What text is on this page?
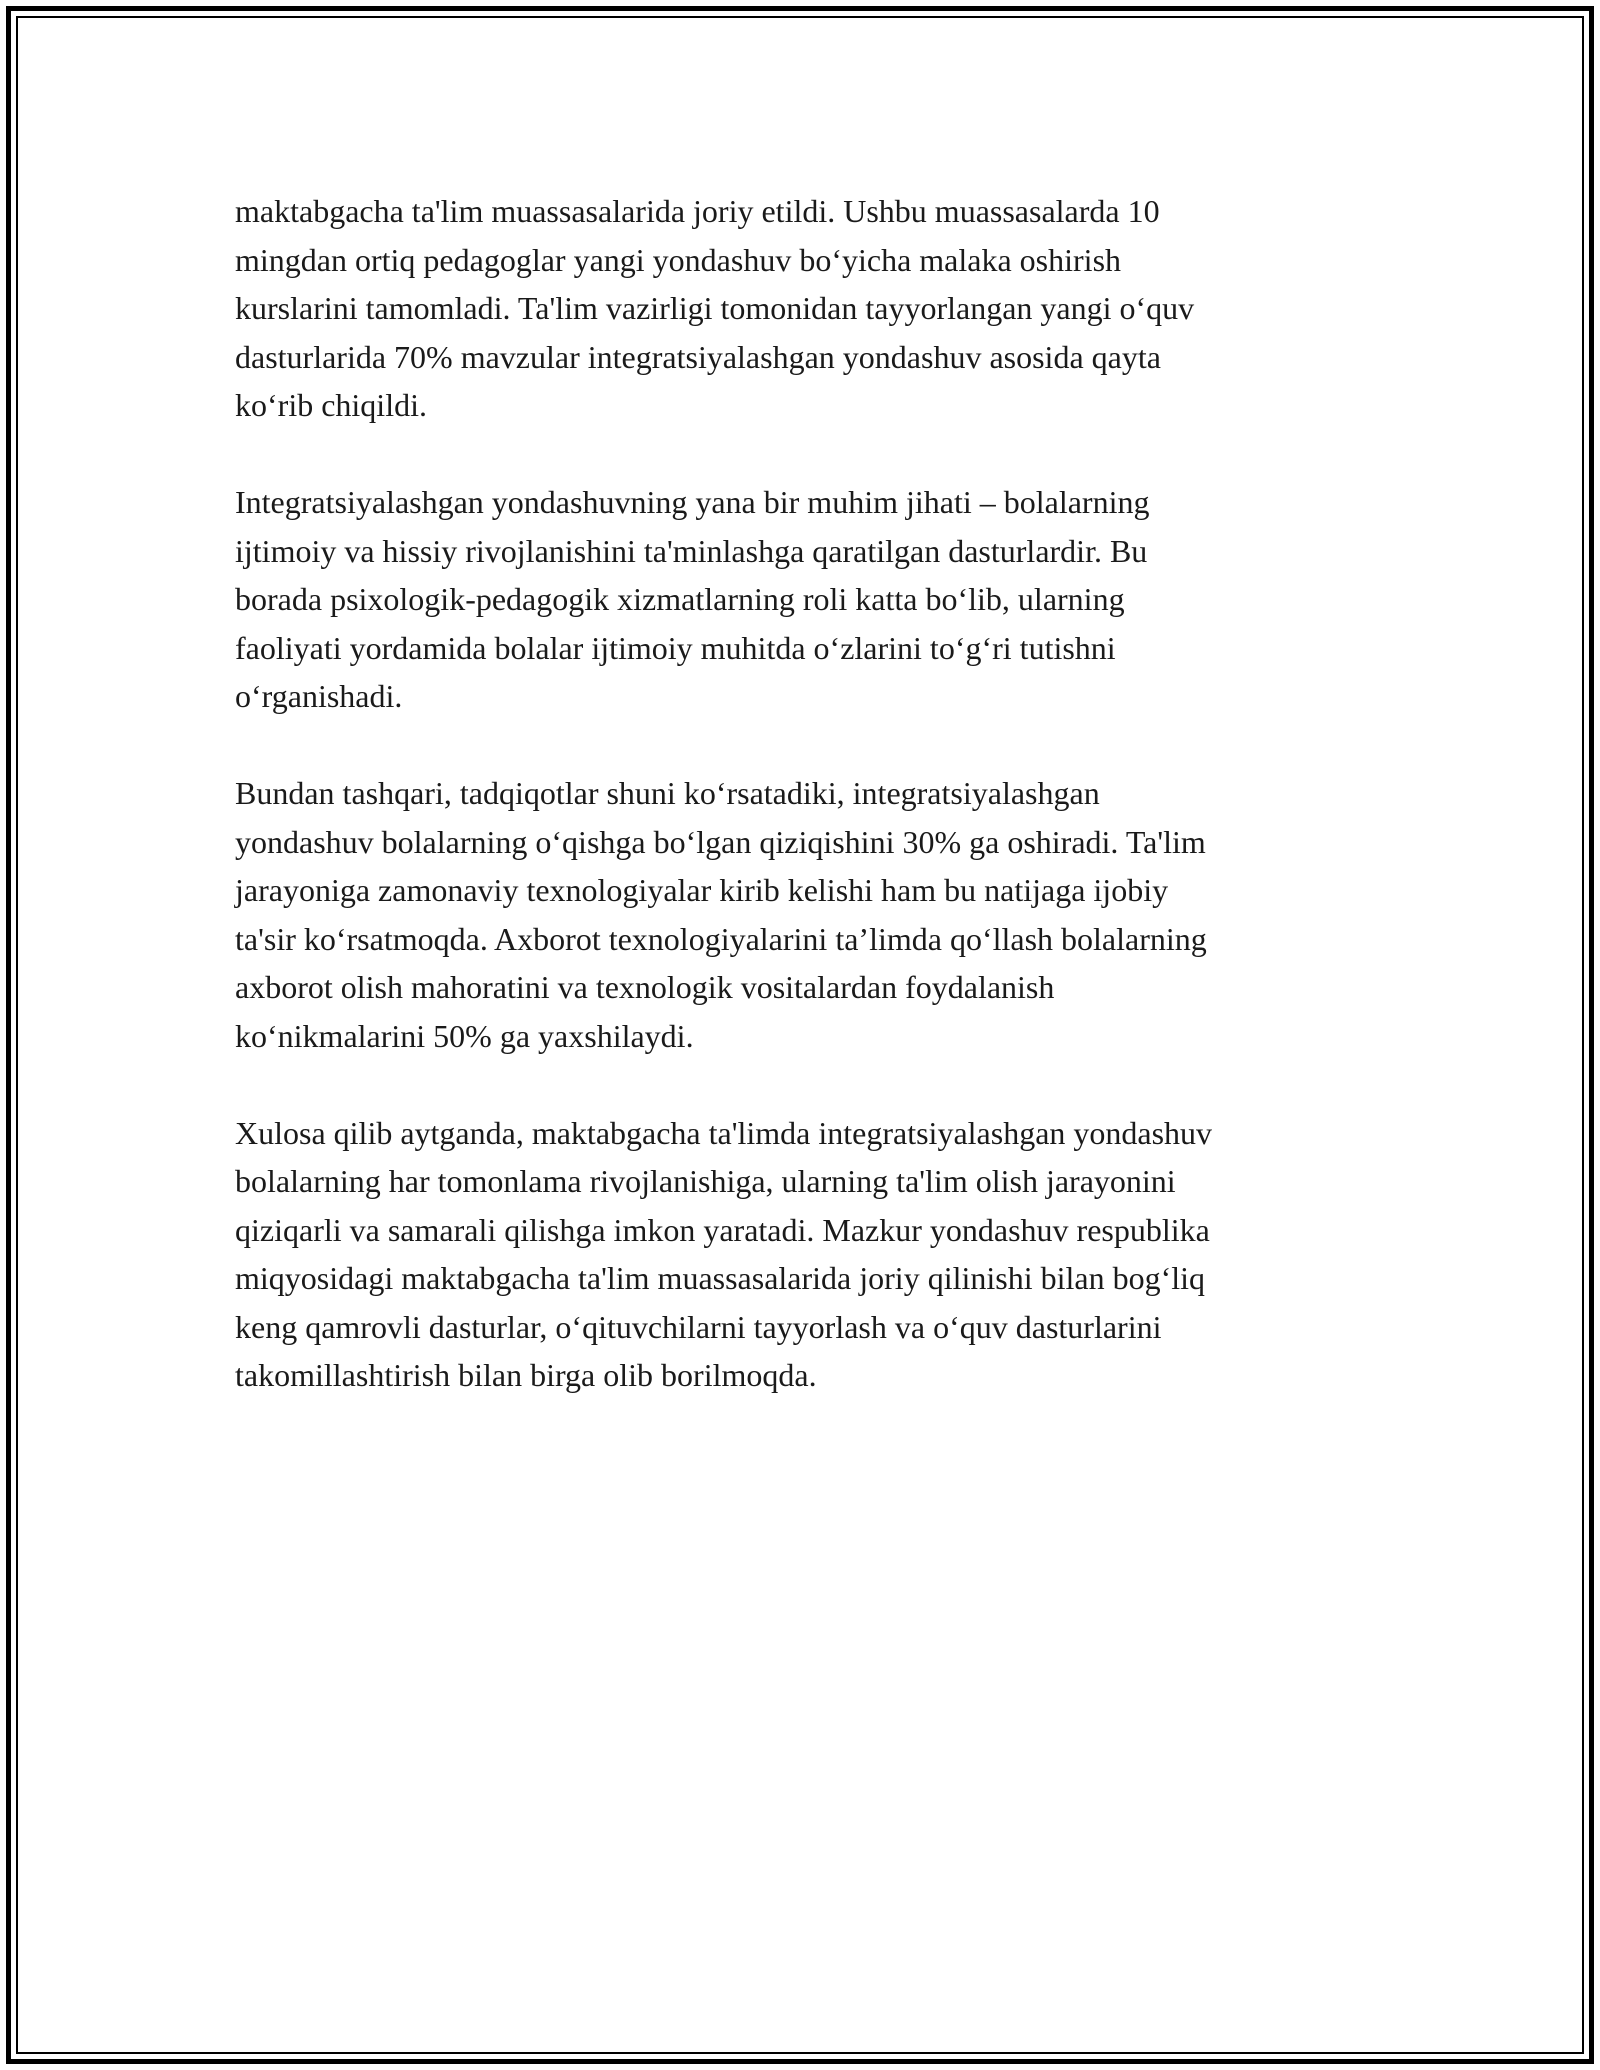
maktabgacha ta'lim muassasalarida joriy etildi. Ushbu muassasalarda 10
mingdan ortiq pedagoglar yangi yondashuv bo‘yicha malaka oshirish
kurslarini tamomladi. Ta'lim vazirligi tomonidan tayyorlangan yangi o‘quv
dasturlarida 70% mavzular integratsiyalashgan yondashuv asosida qayta
ko‘rib chiqildi.

Integratsiyalashgan yondashuvning yana bir muhim jihati – bolalarning
ijtimoiy va hissiy rivojlanishini ta'minlashga qaratilgan dasturlardir. Bu
borada psixologik-pedagogik xizmatlarning roli katta bo‘lib, ularning
faoliyati yordamida bolalar ijtimoiy muhitda o‘zlarini to‘g‘ri tutishni
o‘rganishadi.

Bundan tashqari, tadqiqotlar shuni ko‘rsatadiki, integratsiyalashgan
yondashuv bolalarning o‘qishga bo‘lgan qiziqishini 30% ga oshiradi. Ta'lim
jarayoniga zamonaviy texnologiyalar kirib kelishi ham bu natijaga ijobiy
ta'sir ko‘rsatmoqda. Axborot texnologiyalarini ta’limda qo‘llash bolalarning
axborot olish mahoratini va texnologik vositalardan foydalanish
ko‘nikmalarini 50% ga yaxshilaydi.

Xulosa qilib aytganda, maktabgacha ta'limda integratsiyalashgan yondashuv
bolalarning har tomonlama rivojlanishiga, ularning ta'lim olish jarayonini
qiziqarli va samarali qilishga imkon yaratadi. Mazkur yondashuv respublika
miqyosidagi maktabgacha ta'lim muassasalarida joriy qilinishi bilan bog‘liq
keng qamrovli dasturlar, o‘qituvchilarni tayyorlash va o‘quv dasturlarini
takomillashtirish bilan birga olib borilmoqda.
